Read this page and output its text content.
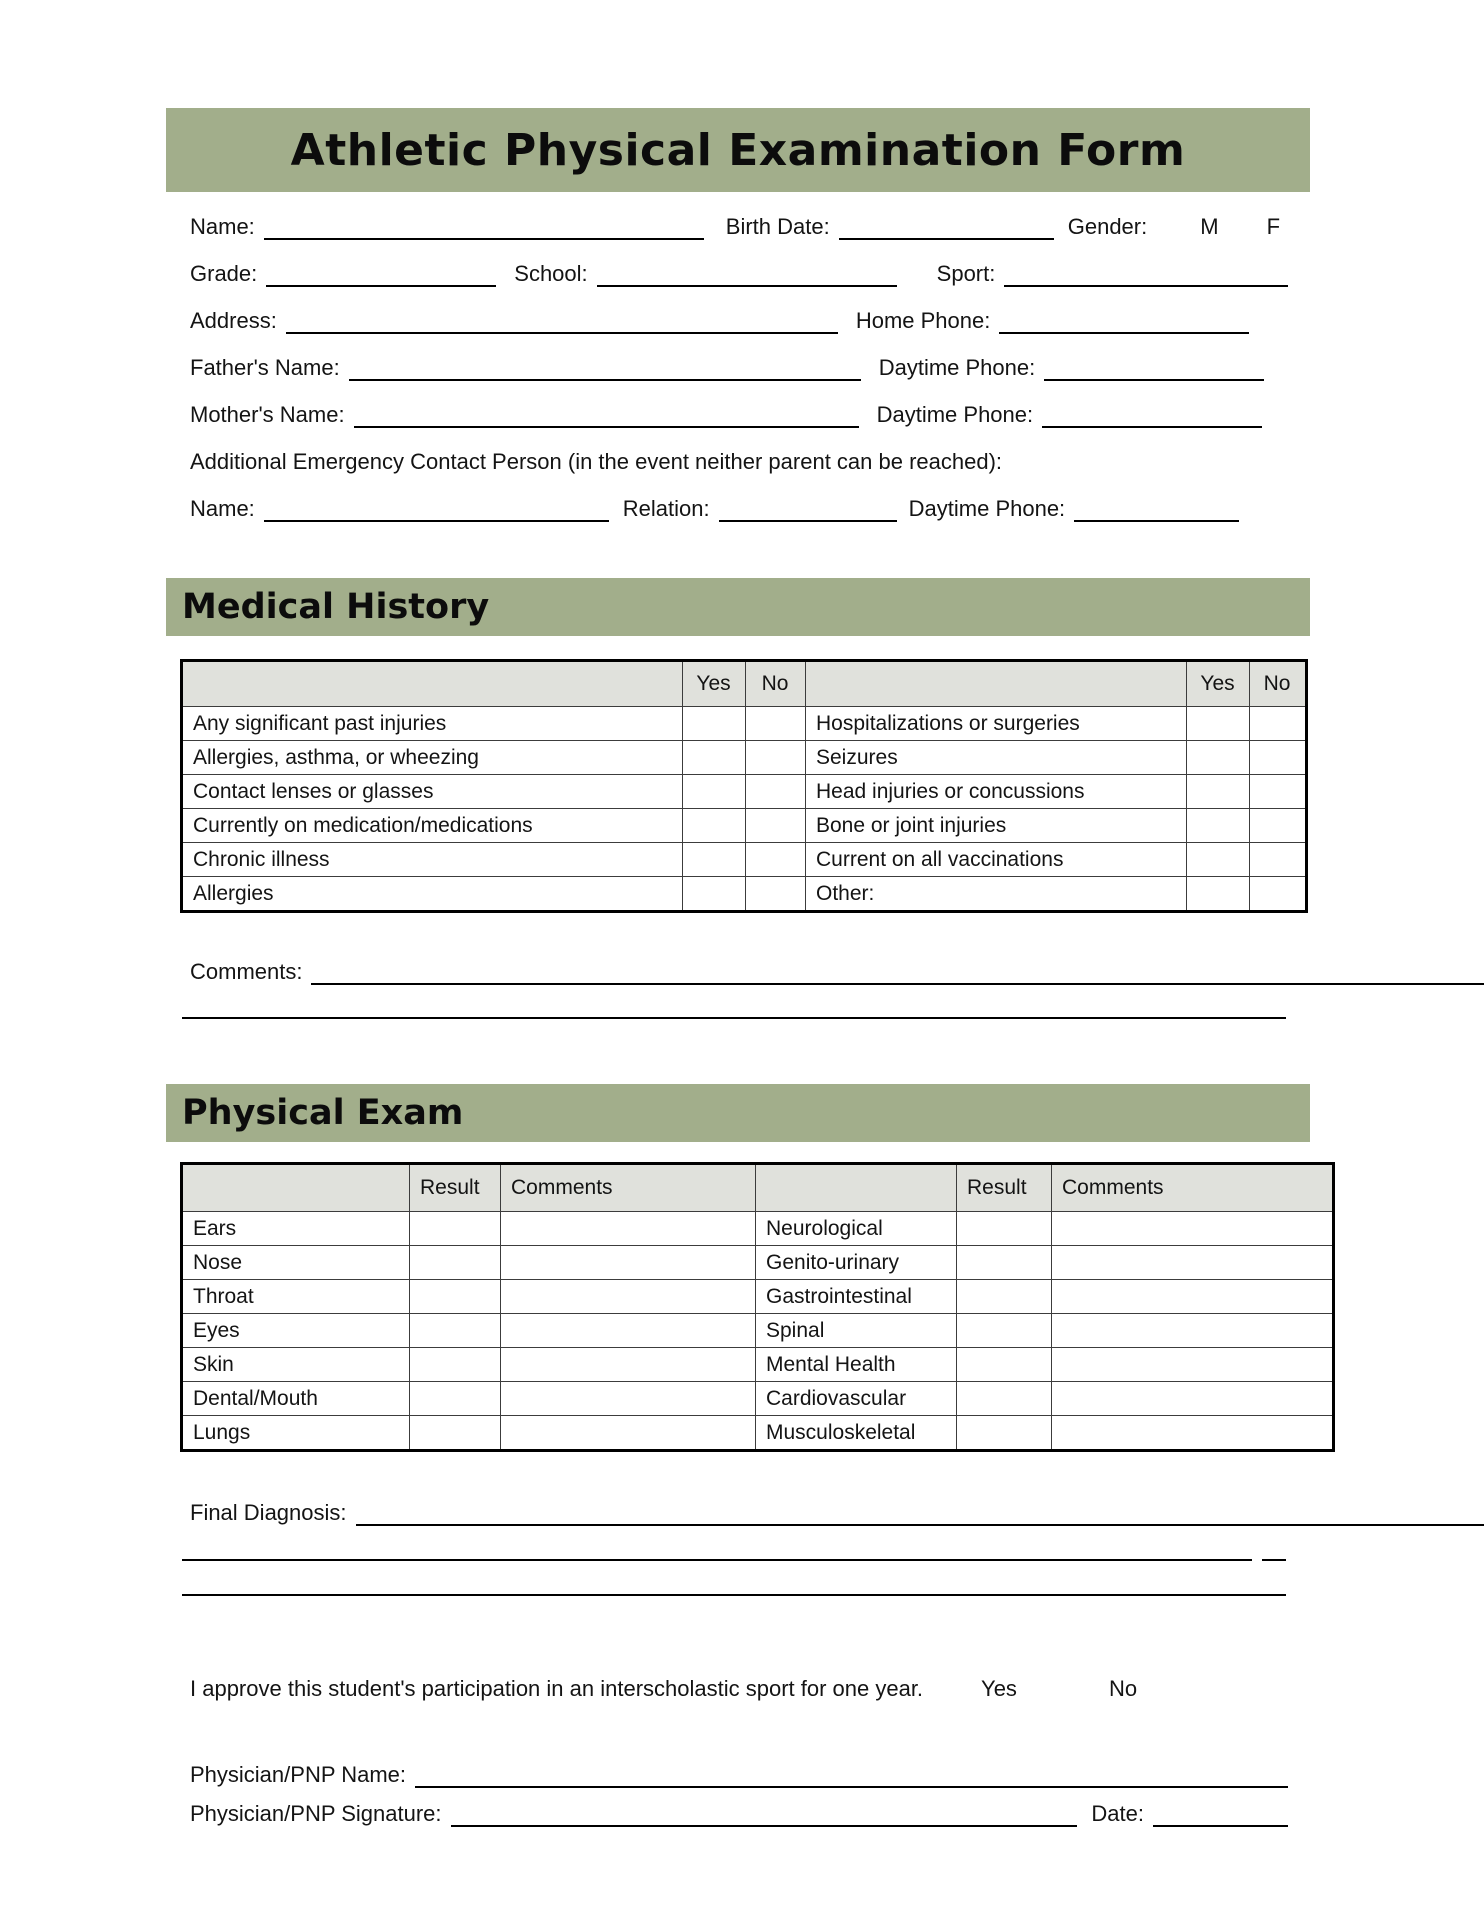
Athletic Physical Examination Form
Name:	Birth Date:	Gender:	M F
Grade:	School:	Sport:
Address:	Home Phone:
Father's Name:	Daytime Phone:
Mother's Name:	Daytime Phone:
Additional Emergency Contact Person (in the event neither parent can be reached):
Name:	Relation:	Daytime Phone:
Medical History
	Yes	No		Yes	No
Any significant past injuries			Hospitalizations or surgeries		
Allergies, asthma, or wheezing			Seizures		
Contact lenses or glasses			Head injuries or concussions		
Currently on medication/medications			Bone or joint injuries		
Chronic illness			Current on all vaccinations		
Allergies			Other:		
Comments:
Physical Exam
	Result	Comments		Result	Comments
Ears			Neurological		
Nose			Genito-urinary		
Throat			Gastrointestinal		
Eyes			Spinal		
Skin			Mental Health		
Dental/Mouth			Cardiovascular		
Lungs			Musculoskeletal		
Final Diagnosis:
I approve this student's participation in an interscholastic sport for one year.	Yes	No
Physician/PNP Name:
Physician/PNP Signature:	Date:
